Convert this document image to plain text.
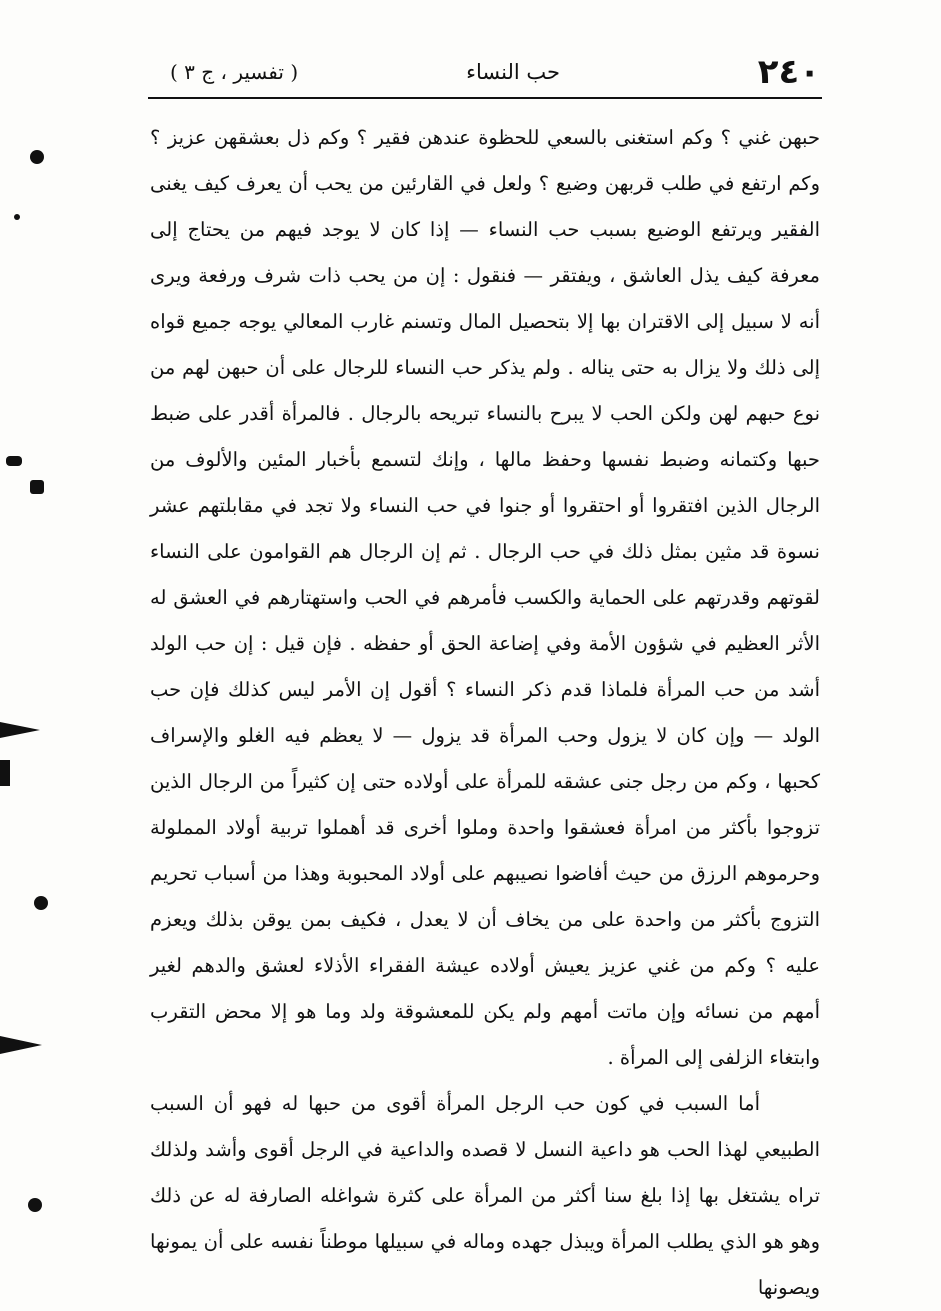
٢٤٠
حب النساء
( تفسير ، ج ٣ )

حبهن غني ؟ وكم استغنى بالسعي للحظوة عندهن فقير ؟ وكم ذل بعشقهن عزيز ؟ وكم ارتفع في طلب قربهن وضيع ؟ ولعل في القارئين من يحب أن يعرف كيف يغنى الفقير ويرتفع الوضيع بسبب حب النساء — إذا كان لا يوجد فيهم من يحتاج إلى معرفة كيف يذل العاشق ، ويفتقر — فنقول : إن من يحب ذات شرف ورفعة ويرى أنه لا سبيل إلى الاقتران بها إلا بتحصيل المال وتسنم غارب المعالي يوجه جميع قواه إلى ذلك ولا يزال به حتى يناله . ولم يذكر حب النساء للرجال على أن حبهن لهم من نوع حبهم لهن ولكن الحب لا يبرح بالنساء تبريحه بالرجال . فالمرأة أقدر على ضبط حبها وكتمانه وضبط نفسها وحفظ مالها ، وإنك لتسمع بأخبار المئين والألوف من الرجال الذين افتقروا أو احتقروا أو جنوا في حب النساء ولا تجد في مقابلتهم عشر نسوة قد مثين بمثل ذلك في حب الرجال . ثم إن الرجال هم القوامون على النساء لقوتهم وقدرتهم على الحماية والكسب فأمرهم في الحب واستهتارهم في العشق له الأثر العظيم في شؤون الأمة وفي إضاعة الحق أو حفظه . فإن قيل : إن حب الولد أشد من حب المرأة فلماذا قدم ذكر النساء ؟ أقول إن الأمر ليس كذلك فإن حب الولد — وإن كان لا يزول وحب المرأة قد يزول — لا يعظم فيه الغلو والإسراف كحبها ، وكم من رجل جنى عشقه للمرأة على أولاده حتى إن كثيراً من الرجال الذين تزوجوا بأكثر من امرأة فعشقوا واحدة وملوا أخرى قد أهملوا تربية أولاد المملولة وحرموهم الرزق من حيث أفاضوا نصيبهم على أولاد المحبوبة وهذا من أسباب تحريم التزوج بأكثر من واحدة على من يخاف أن لا يعدل ، فكيف بمن يوقن بذلك ويعزم عليه ؟ وكم من غني عزيز يعيش أولاده عيشة الفقراء الأذلاء لعشق والدهم لغير أمهم من نسائه وإن ماتت أمهم ولم يكن للمعشوقة ولد وما هو إلا محض التقرب وابتغاء الزلفى إلى المرأة .

أما السبب في كون حب الرجل المرأة أقوى من حبها له فهو أن السبب الطبيعي لهذا الحب هو داعية النسل لا قصده والداعية في الرجل أقوى وأشد ولذلك تراه يشتغل بها إذا بلغ سنا أكثر من المرأة على كثرة شواغله الصارفة له عن ذلك وهو هو الذي يطلب المرأة ويبذل جهده وماله في سبيلها موطناً نفسه على أن يمونها ويصونها
